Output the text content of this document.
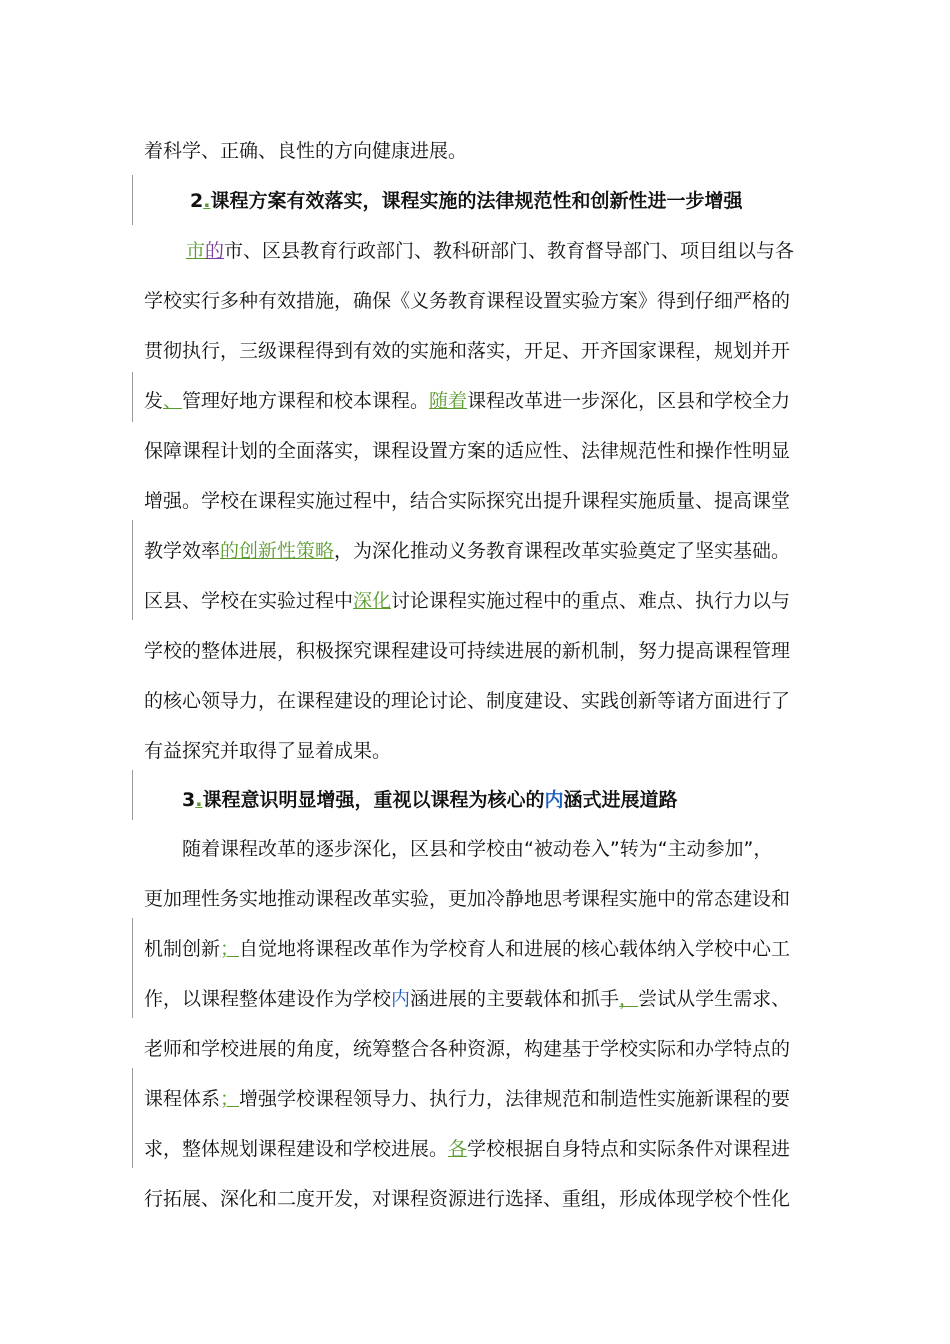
着科学、正确、良性的方向健康进展。
2.课程方案有效落实，课程实施的法律规范性和创新性进一步增强
市的市、区县教育行政部门、教科研部门、教育督导部门、项目组以与各
学校实行多种有效措施，确保《义务教育课程设置实验方案》得到仔细严格的
贯彻执行，三级课程得到有效的实施和落实，开足、开齐国家课程，规划并开
发、管理好地方课程和校本课程。随着课程改革进一步深化，区县和学校全力
保障课程计划的全面落实，课程设置方案的适应性、法律规范性和操作性明显
增强。学校在课程实施过程中，结合实际探究出提升课程实施质量、提高课堂
教学效率的创新性策略，为深化推动义务教育课程改革实验奠定了坚实基础。
区县、学校在实验过程中深化讨论课程实施过程中的重点、难点、执行力以与
学校的整体进展，积极探究课程建设可持续进展的新机制，努力提高课程管理
的核心领导力，在课程建设的理论讨论、制度建设、实践创新等诸方面进行了
有益探究并取得了显着成果。
3.课程意识明显增强，重视以课程为核心的内涵式进展道路
随着课程改革的逐步深化，区县和学校由“被动卷入”转为“主动参加”，
更加理性务实地推动课程改革实验，更加冷静地思考课程实施中的常态建设和
机制创新；自觉地将课程改革作为学校育人和进展的核心载体纳入学校中心工
作，以课程整体建设作为学校内涵进展的主要载体和抓手，尝试从学生需求、
老师和学校进展的角度，统筹整合各种资源，构建基于学校实际和办学特点的
课程体系；增强学校课程领导力、执行力，法律规范和制造性实施新课程的要
求，整体规划课程建设和学校进展。各学校根据自身特点和实际条件对课程进
行拓展、深化和二度开发，对课程资源进行选择、重组，形成体现学校个性化
